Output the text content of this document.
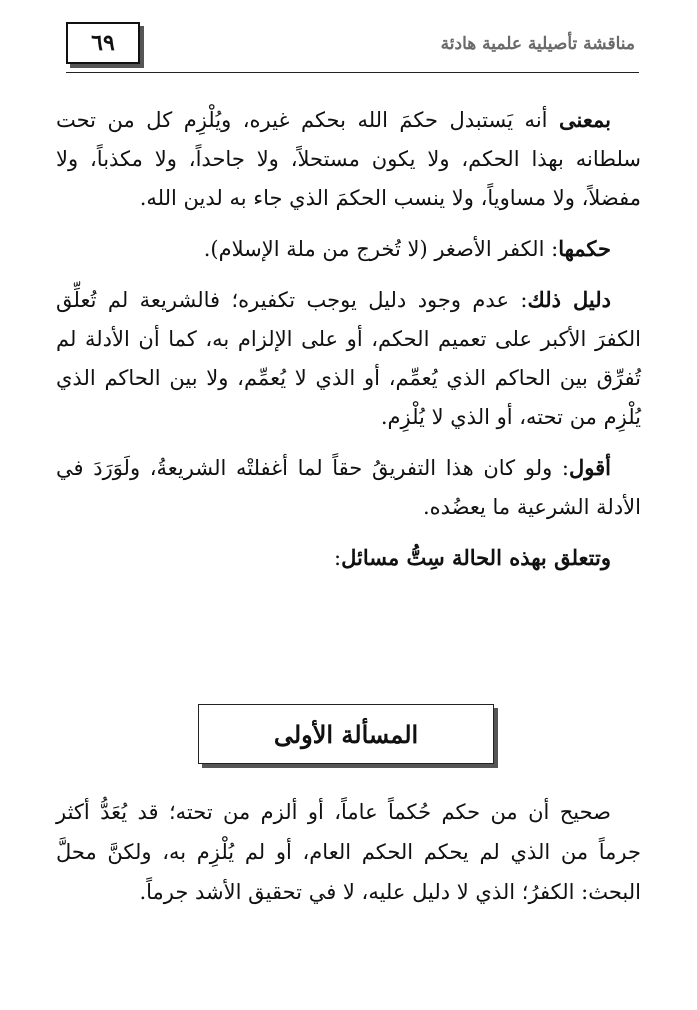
٦٩	مناقشة تأصيلية علمية هادئة

بمعنى أنه يَستبدل حكمَ الله بحكم غيره، ويُلْزِم كل من تحت سلطانه بهذا الحكم، ولا يكون مستحلاً، ولا جاحداً، ولا مكذباً، ولا مفضلاً، ولا مساوياً، ولا ينسب الحكمَ الذي جاء به لدين الله.

حكمها: الكفر الأصغر (لا تُخرج من ملة الإسلام).

دليل ذلك: عدم وجود دليل يوجب تكفيره؛ فالشريعة لم تُعلِّق الكفرَ الأكبر على تعميم الحكم، أو على الإلزام به، كما أن الأدلة لم تُفرِّق بين الحاكم الذي يُعمِّم، أو الذي لا يُعمِّم، ولا بين الحاكم الذي يُلْزِم من تحته، أو الذي لا يُلْزِم.

أقول: ولو كان هذا التفريقُ حقاً لما أغفلتْه الشريعةُ، ولَوَرَدَ في الأدلة الشرعية ما يعضُده.

وتتعلق بهذه الحالة سِتُّ مسائل:

المسألة الأولى

صحيح أن من حكم حُكماً عاماً، أو ألزم من تحته؛ قد يُعَدُّ أكثر جرماً من الذي لم يحكم الحكم العام، أو لم يُلْزِم به، ولكنَّ محلَّ البحث: الكفرُ؛ الذي لا دليل عليه، لا في تحقيق الأشد جرماً.
